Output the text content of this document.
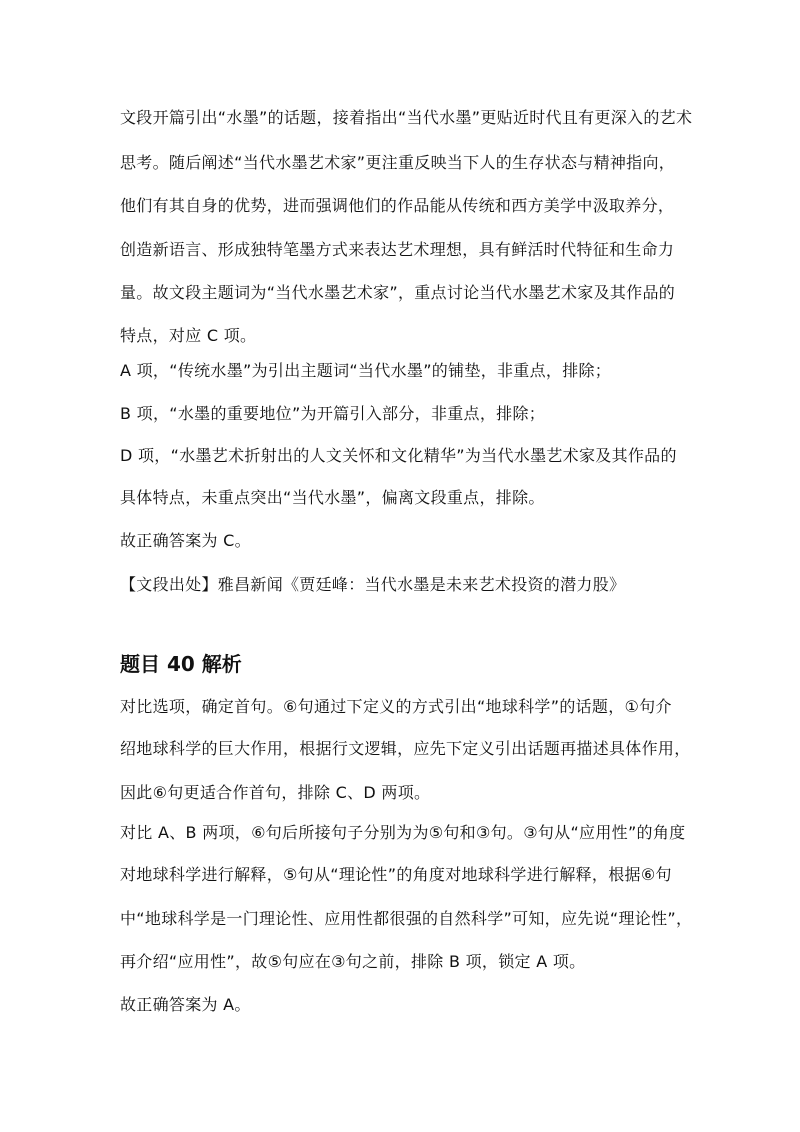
文段开篇引出“水墨”的话题，接着指出“当代水墨”更贴近时代且有更深入的艺术

思考。随后阐述“当代水墨艺术家”更注重反映当下人的生存状态与精神指向，

他们有其自身的优势，进而强调他们的作品能从传统和西方美学中汲取养分，

创造新语言、形成独特笔墨方式来表达艺术理想，具有鲜活时代特征和生命力

量。故文段主题词为“当代水墨艺术家”，重点讨论当代水墨艺术家及其作品的

特点，对应 C 项。

A 项，“传统水墨”为引出主题词“当代水墨”的铺垫，非重点，排除；

B 项，“水墨的重要地位”为开篇引入部分，非重点，排除；

D 项，“水墨艺术折射出的人文关怀和文化精华”为当代水墨艺术家及其作品的

具体特点，未重点突出“当代水墨”，偏离文段重点，排除。

故正确答案为 C。

【文段出处】雅昌新闻《贾廷峰：当代水墨是未来艺术投资的潜力股》

题目 40 解析

对比选项，确定首句。⑥句通过下定义的方式引出“地球科学”的话题，①句介

绍地球科学的巨大作用，根据行文逻辑，应先下定义引出话题再描述具体作用，

因此⑥句更适合作首句，排除 C、D 两项。

对比 A、B 两项，⑥句后所接句子分别为为⑤句和③句。③句从“应用性”的角度

对地球科学进行解释，⑤句从“理论性”的角度对地球科学进行解释，根据⑥句

中“地球科学是一门理论性、应用性都很强的自然科学”可知，应先说“理论性”，

再介绍“应用性”，故⑤句应在③句之前，排除 B 项，锁定 A 项。

故正确答案为 A。
